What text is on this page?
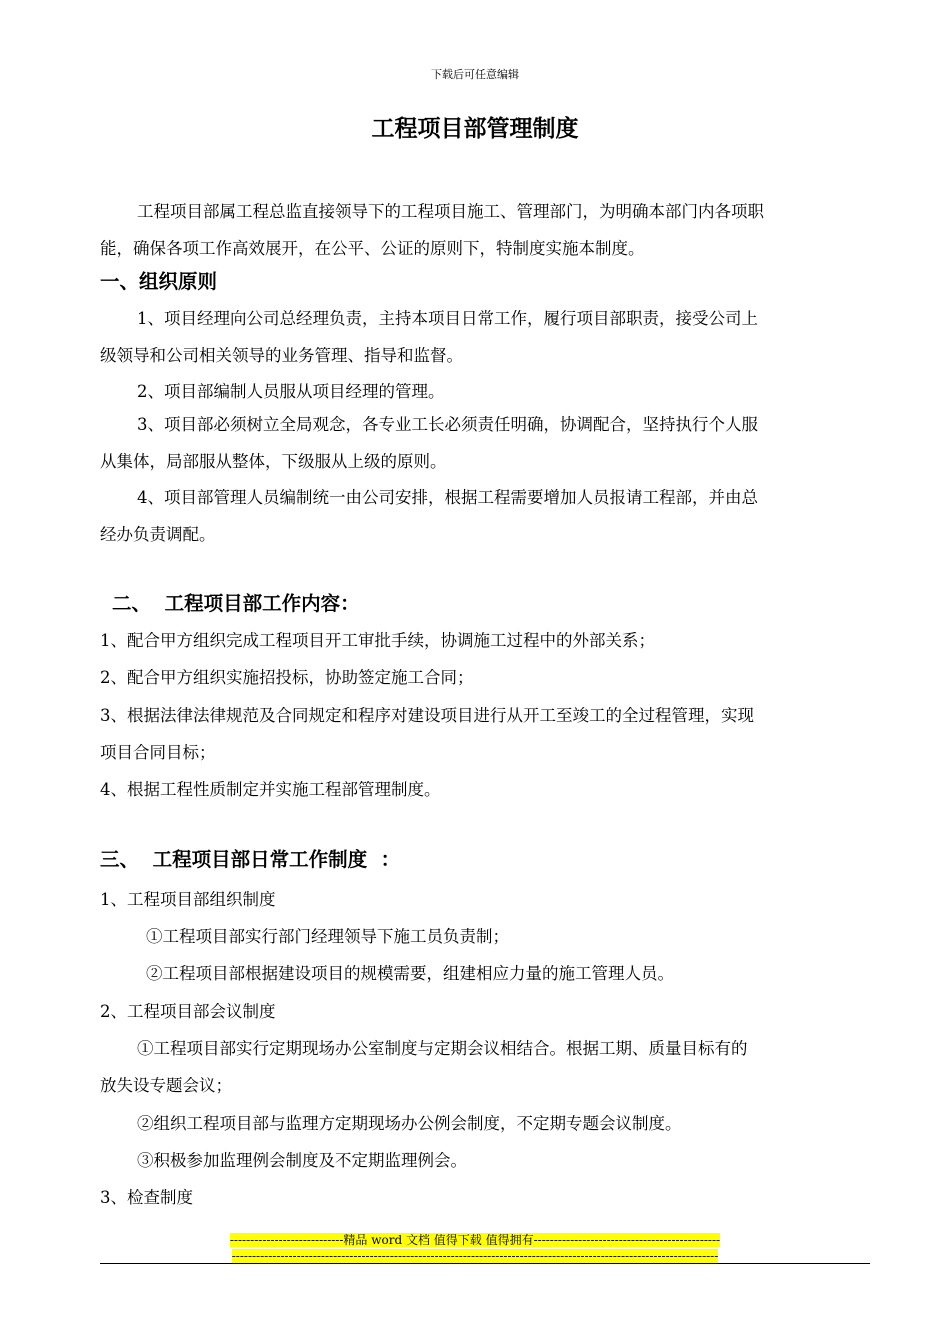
下载后可任意编辑
工程项目部管理制度

工程项目部属工程总监直接领导下的工程项目施工、管理部门，为明确本部门内各项职

能，确保各项工作高效展开，在公平、公证的原则下，特制度实施本制度。

一、组织原则

1、项目经理向公司总经理负责，主持本项目日常工作，履行项目部职责，接受公司上

级领导和公司相关领导的业务管理、指导和监督。

2、项目部编制人员服从项目经理的管理。

3、项目部必须树立全局观念，各专业工长必须责任明确，协调配合，坚持执行个人服

从集体，局部服从整体，下级服从上级的原则。

4、项目部管理人员编制统一由公司安排，根据工程需要增加人员报请工程部，并由总

经办负责调配。

二、  工程项目部工作内容：

1、配合甲方组织完成工程项目开工审批手续，协调施工过程中的外部关系；

2、配合甲方组织实施招投标，协助签定施工合同；

3、根据法律法律规范及合同规定和程序对建设项目进行从开工至竣工的全过程管理，实现

项目合同目标；

4、根据工程性质制定并实施工程部管理制度。

三、  工程项目部日常工作制度  ：

1、工程项目部组织制度

①工程项目部实行部门经理领导下施工员负责制；

②工程项目部根据建设项目的规模需要，组建相应力量的施工管理人员。

2、工程项目部会议制度

①工程项目部实行定期现场办公室制度与定期会议相结合。根据工期、质量目标有的

放失设专题会议；

②组织工程项目部与监理方定期现场办公例会制度，不定期专题会议制度。

③积极参加监理例会制度及不定期监理例会。

3、检查制度

----------------------------精品 word 文档 值得下载 值得拥有----------------------------------------------
------------------------------------------------------------------------------------------------------------------------
